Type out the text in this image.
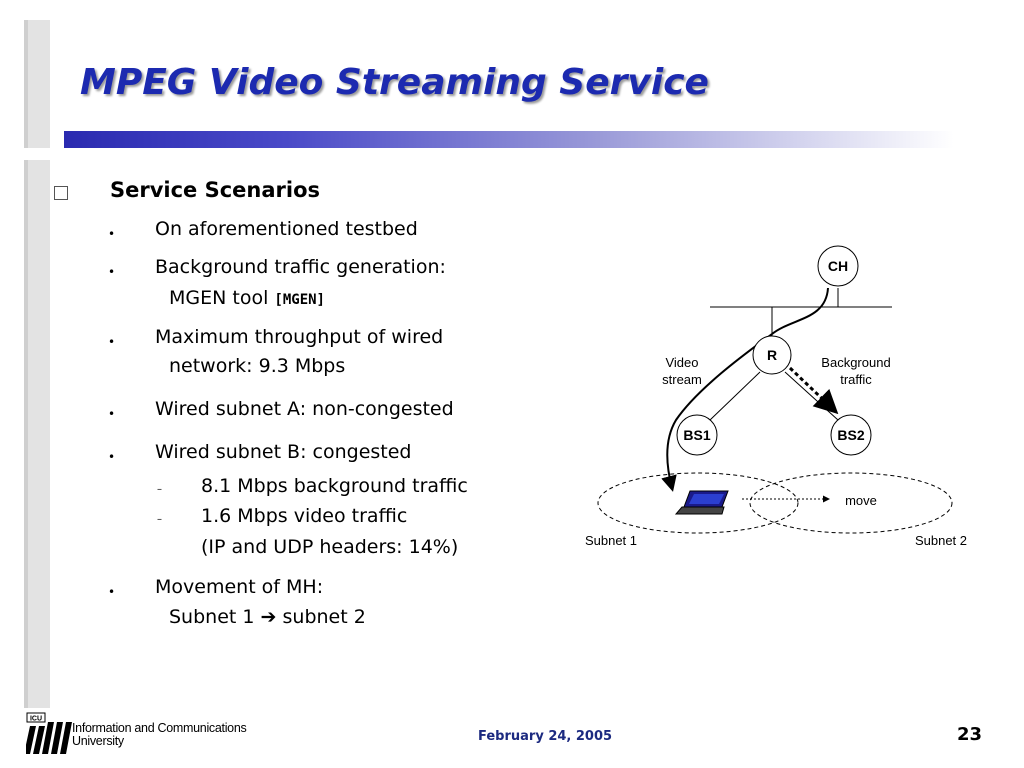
MPEG Video Streaming Service
Service Scenarios
• On aforementioned testbed
• Background traffic generation:
MGEN tool [MGEN]
• Maximum throughput of wired
network: 9.3 Mbps
• Wired subnet A: non-congested
• Wired subnet B: congested
– 8.1 Mbps background traffic
– 1.6 Mbps video traffic
(IP and UDP headers: 14%)
• Movement of MH:
Subnet 1 ➔ subnet 2
CH
R
BS1	BS2
Video
stream
Background
traffic
move
Subnet 1	Subnet 2
ICU
Information and Communications
University	February 24, 2005	23
